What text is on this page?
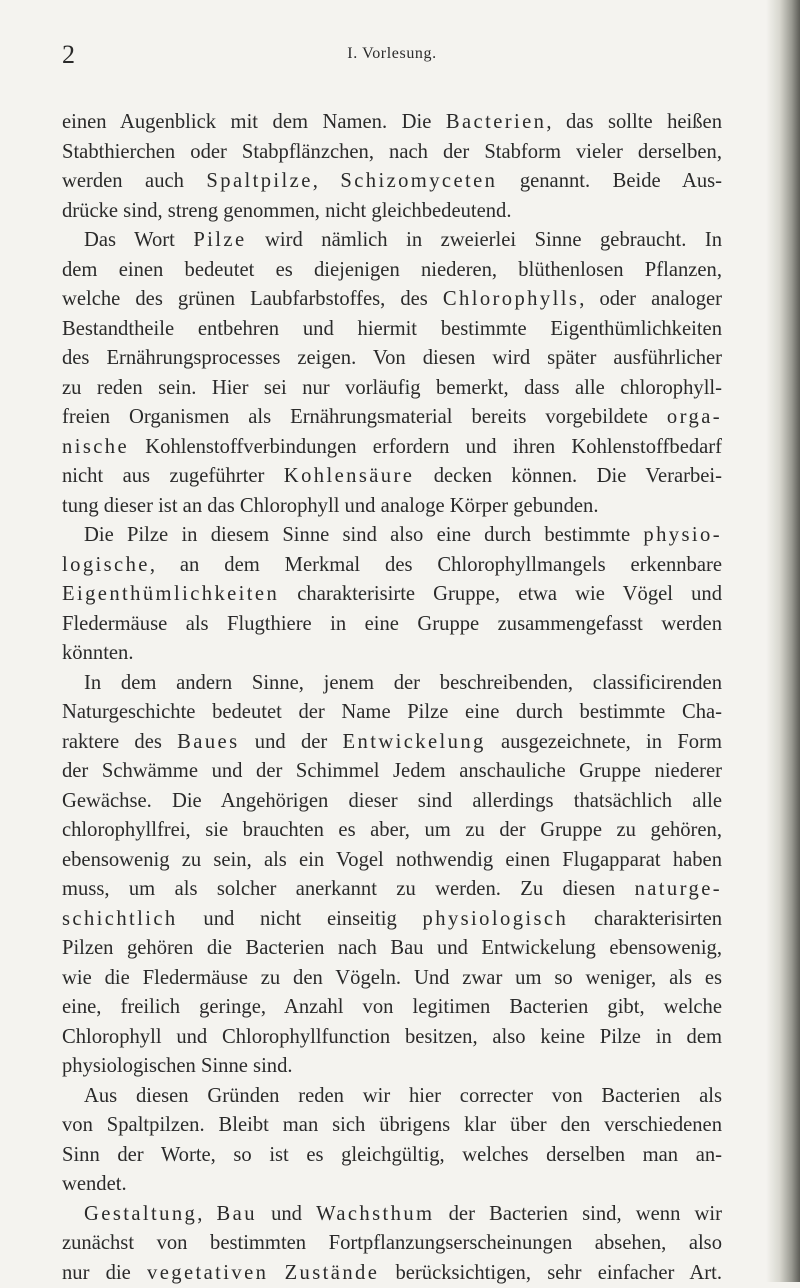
2	I. Vorlesung.
einen Augenblick mit dem Namen. Die Bacterien, das sollte heißen
Stabthierchen oder Stabpflänzchen, nach der Stabform vieler derselben,
werden auch Spaltpilze, Schizomyceten genannt. Beide Aus-
drücke sind, streng genommen, nicht gleichbedeutend.
Das Wort Pilze wird nämlich in zweierlei Sinne gebraucht. In
dem einen bedeutet es diejenigen niederen, blüthenlosen Pflanzen,
welche des grünen Laubfarbstoffes, des Chlorophylls, oder analoger
Bestandtheile entbehren und hiermit bestimmte Eigenthümlichkeiten
des Ernährungsprocesses zeigen. Von diesen wird später ausführlicher
zu reden sein. Hier sei nur vorläufig bemerkt, dass alle chlorophyll-
freien Organismen als Ernährungsmaterial bereits vorgebildete orga-
nische Kohlenstoffverbindungen erfordern und ihren Kohlenstoffbedarf
nicht aus zugeführter Kohlensäure decken können. Die Verarbei-
tung dieser ist an das Chlorophyll und analoge Körper gebunden.
Die Pilze in diesem Sinne sind also eine durch bestimmte physio-
logische, an dem Merkmal des Chlorophyllmangels erkennbare
Eigenthümlichkeiten charakterisirte Gruppe, etwa wie Vögel und
Fledermäuse als Flugthiere in eine Gruppe zusammengefasst werden
könnten.
In dem andern Sinne, jenem der beschreibenden, classificirenden
Naturgeschichte bedeutet der Name Pilze eine durch bestimmte Cha-
raktere des Baues und der Entwickelung ausgezeichnete, in Form
der Schwämme und der Schimmel Jedem anschauliche Gruppe niederer
Gewächse. Die Angehörigen dieser sind allerdings thatsächlich alle
chlorophyllfrei, sie brauchten es aber, um zu der Gruppe zu gehören,
ebensowenig zu sein, als ein Vogel nothwendig einen Flugapparat haben
muss, um als solcher anerkannt zu werden. Zu diesen naturge-
schichtlich und nicht einseitig physiologisch charakterisirten
Pilzen gehören die Bacterien nach Bau und Entwickelung ebensowenig,
wie die Fledermäuse zu den Vögeln. Und zwar um so weniger, als es
eine, freilich geringe, Anzahl von legitimen Bacterien gibt, welche
Chlorophyll und Chlorophyllfunction besitzen, also keine Pilze in dem
physiologischen Sinne sind.
Aus diesen Gründen reden wir hier correcter von Bacterien als
von Spaltpilzen. Bleibt man sich übrigens klar über den verschiedenen
Sinn der Worte, so ist es gleichgültig, welches derselben man an-
wendet.
Gestaltung, Bau und Wachsthum der Bacterien sind, wenn wir
zunächst von bestimmten Fortpflanzungserscheinungen absehen, also
nur die vegetativen Zustände berücksichtigen, sehr einfacher Art.
